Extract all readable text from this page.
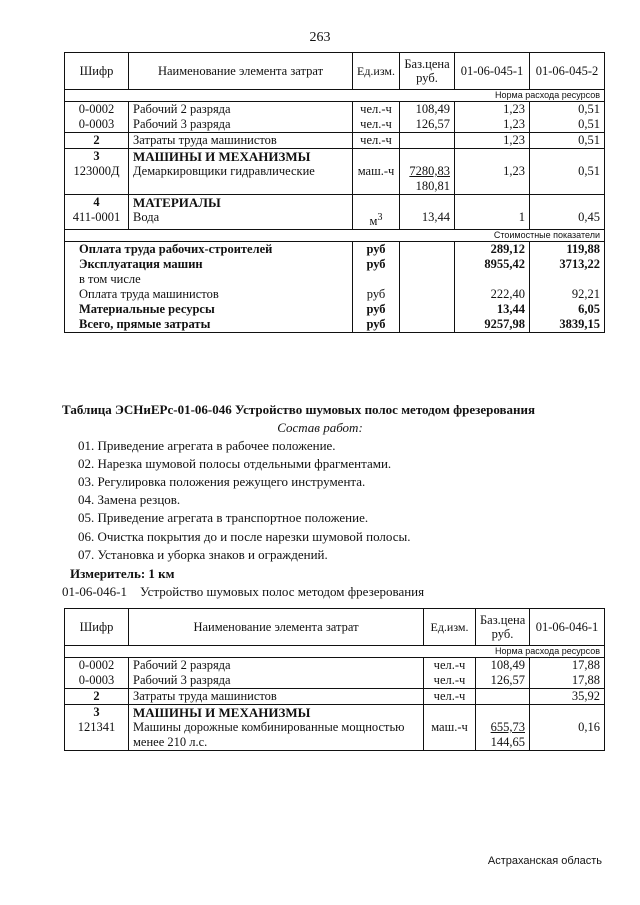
263
Шифр	Наименование элемента затрат	Ед.изм.	Баз.цена руб.	01-06-045-1	01-06-045-2
Норма расхода ресурсов					
0-0002	Рабочий 2 разряда	чел.-ч	108,49	1,23	0,51
0-0003	Рабочий 3 разряда	чел.-ч	126,57	1,23	0,51
2	Затраты труда машинистов	чел.-ч		1,23	0,51
3	МАШИНЫ И МЕХАНИЗМЫ				
123000Д	Демаркировщики гидравлические	маш.-ч	7280,83	1,23	0,51
			180,81		
4	МАТЕРИАЛЫ				
411-0001	Вода	$м^3$	13,44	1	0,45
Стоимостные показатели					
Оплата труда рабочих-строителей		руб		289,12	119,88
Эксплуатация машин		руб		8955,42	3713,22
в том числе					
Оплата труда машинистов		руб		222,40	92,21
Материальные ресурсы		руб		13,44	6,05
Всего, прямые затраты		руб		9257,98	3839,15
Таблица ЭСНиЕРс-01-06-046 Устройство шумовых полос методом фрезерования
Состав работ:
01. Приведение агрегата в рабочее положение.
02. Нарезка шумовой полосы отдельными фрагментами.
03. Регулировка положения режущего инструмента.
04. Замена резцов.
05. Приведение агрегата в транспортное положение.
06. Очистка покрытия до и после нарезки шумовой полосы.
07. Установка и уборка знаков и ограждений.
Измеритель: 1 км
01-06-046-1    Устройство шумовых полос методом фрезерования
Шифр	Наименование элемента затрат	Ед.изм.	Баз.цена руб.	01-06-046-1
Норма расхода ресурсов				
0-0002	Рабочий 2 разряда	чел.-ч	108,49	17,88
0-0003	Рабочий 3 разряда	чел.-ч	126,57	17,88
2	Затраты труда машинистов	чел.-ч		35,92
3	МАШИНЫ И МЕХАНИЗМЫ			
121341	Машины дорожные комбинированные мощностью	маш.-ч	655,73	0,16
	менее 210 л.с.		144,65	
Астраханская область
